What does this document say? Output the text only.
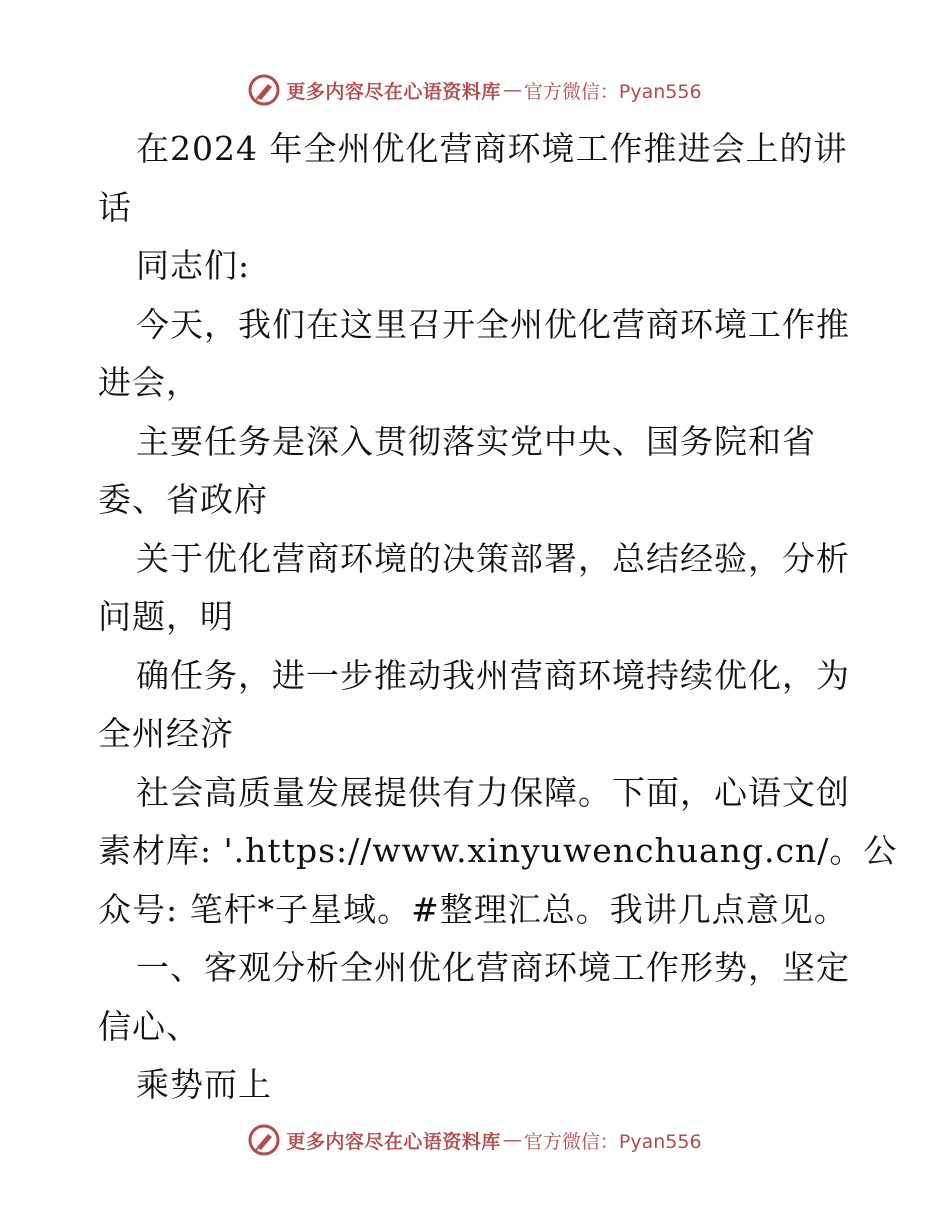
更多内容尽在心语资料库 — 官方微信：Pyan556
在2024 年全州优化营商环境工作推进会上的讲
话
同志们:
今天，我们在这里召开全州优化营商环境工作推
进会，
主要任务是深入贯彻落实党中央、国务院和省
委、省政府
关于优化营商环境的决策部署，总结经验，分析
问题，明
确任务，进一步推动我州营商环境持续优化，为
全州经济
社会高质量发展提供有力保障。下面，心语文创
素材库: '.https://www.xinyuwenchuang.cn/。公
众号: 笔杆*子星域。#整理汇总。我讲几点意见。
一、客观分析全州优化营商环境工作形势，坚定
信心、
乘势而上
更多内容尽在心语资料库 — 官方微信：Pyan556
